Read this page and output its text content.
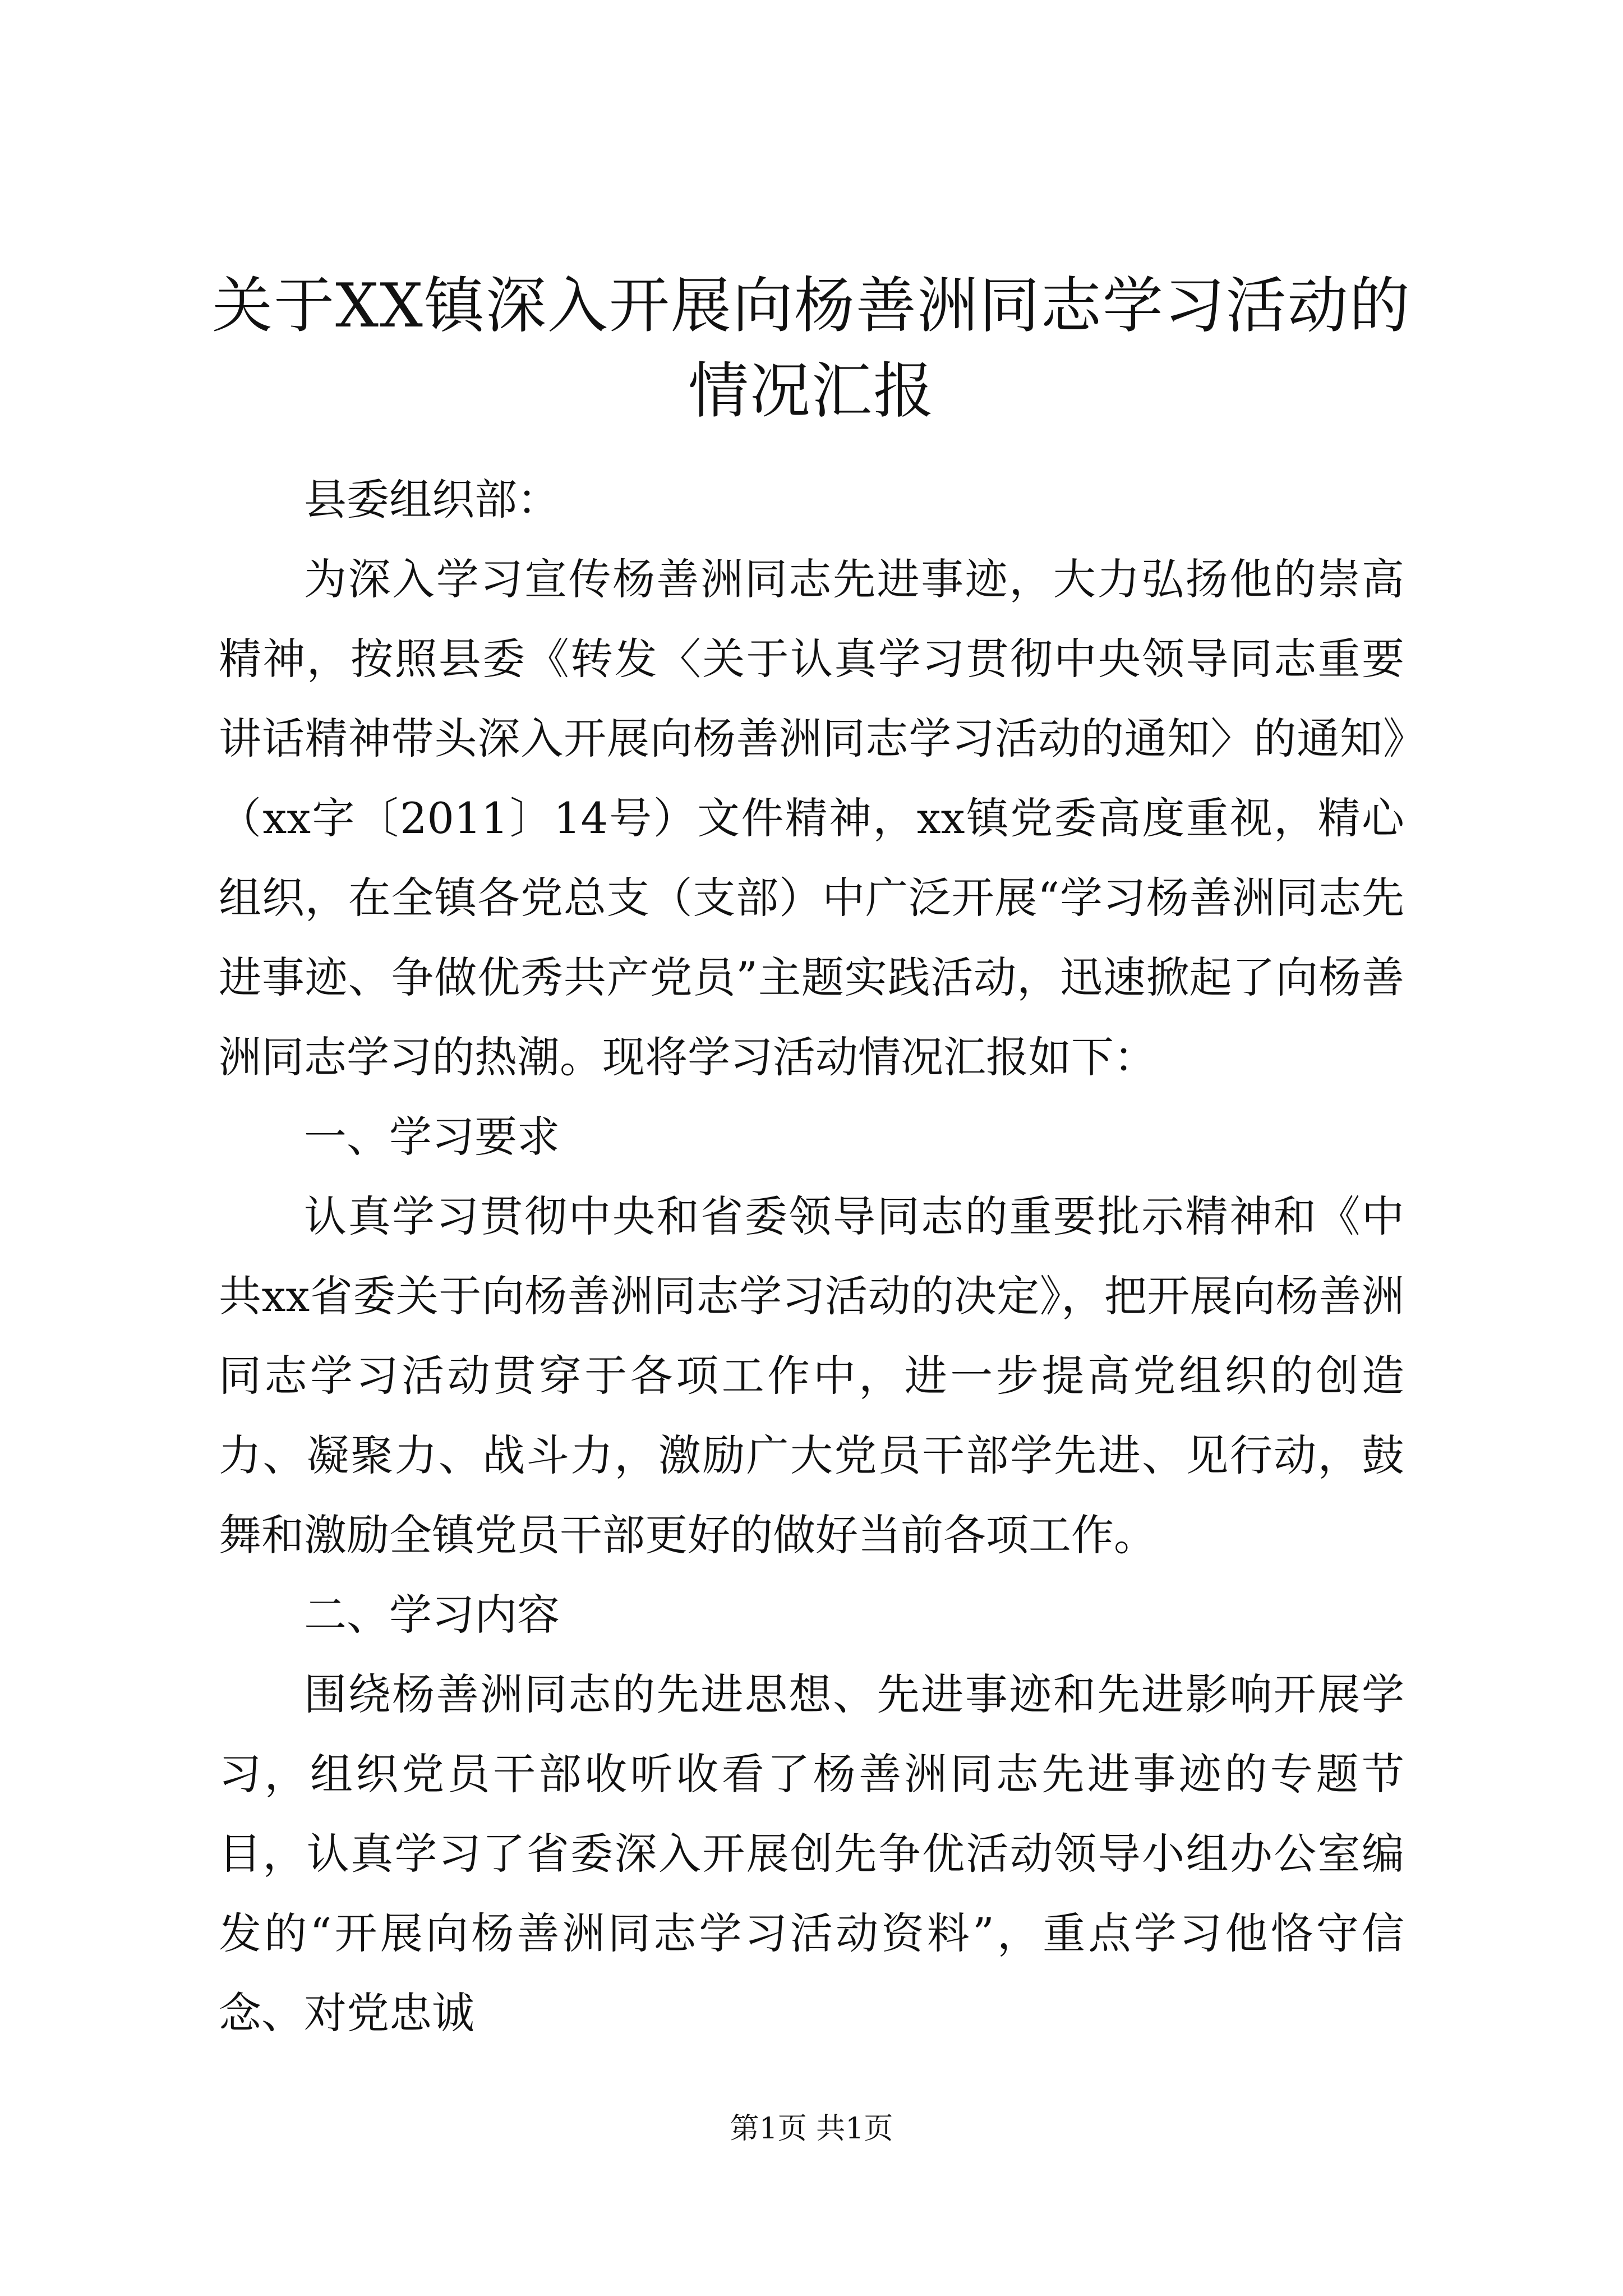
关于XX镇深入开展向杨善洲同志学习活动的情况汇报

县委组织部：

为深入学习宣传杨善洲同志先进事迹，大力弘扬他的崇高精神，按照县委《转发〈关于认真学习贯彻中央领导同志重要讲话精神带头深入开展向杨善洲同志学习活动的通知〉的通知》（xx字〔2011〕14号）文件精神，xx镇党委高度重视，精心组织，在全镇各党总支（支部）中广泛开展“学习杨善洲同志先进事迹、争做优秀共产党员”主题实践活动，迅速掀起了向杨善洲同志学习的热潮。现将学习活动情况汇报如下：

一、学习要求

认真学习贯彻中央和省委领导同志的重要批示精神和《中共xx省委关于向杨善洲同志学习活动的决定》，把开展向杨善洲同志学习活动贯穿于各项工作中，进一步提高党组织的创造力、凝聚力、战斗力，激励广大党员干部学先进、见行动，鼓舞和激励全镇党员干部更好的做好当前各项工作。

二、学习内容

围绕杨善洲同志的先进思想、先进事迹和先进影响开展学习，组织党员干部收听收看了杨善洲同志先进事迹的专题节目，认真学习了省委深入开展创先争优活动领导小组办公室编发的“开展向杨善洲同志学习活动资料”，重点学习他恪守信念、对党忠诚

第1页 共1页
